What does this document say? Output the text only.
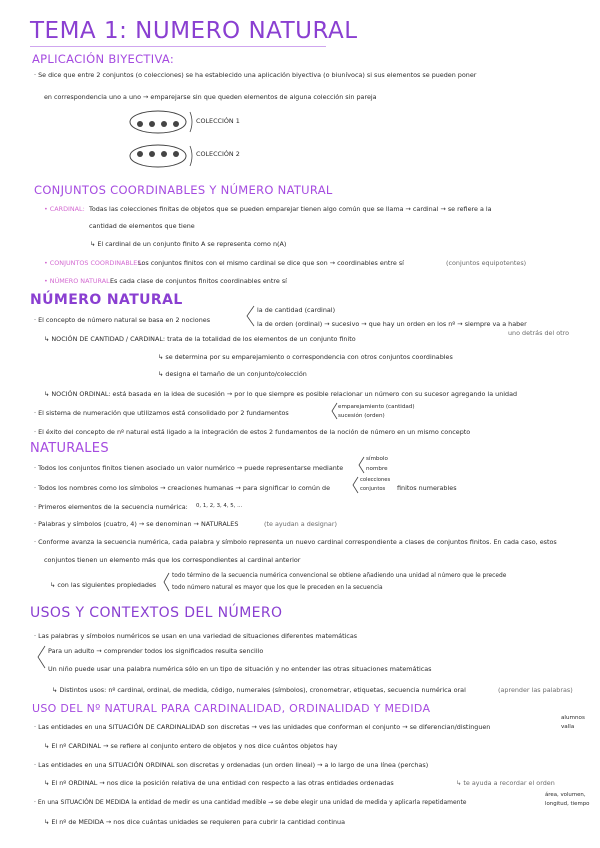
TEMA 1: NUMERO NATURAL
APLICACIÓN BIYECTIVA:
· Se dice que entre 2 conjuntos (o colecciones) se ha establecido una aplicación biyectiva (o biunívoca) si sus elementos se pueden poner
en correspondencia uno a uno → emparejarse sin que queden elementos de alguna colección sin pareja
COLECCIÓN 1
COLECCIÓN 2
CONJUNTOS COORDINABLES Y NÚMERO NATURAL
• CARDINAL: Todas las colecciones finitas de objetos que se pueden emparejar tienen algo común que se llama → cardinal → se refiere a la
cantidad de elementos que tiene
↳ El cardinal de un conjunto finito A se representa como n(A)
• CONJUNTOS COORDINABLES:
Los conjuntos finitos con el mismo cardinal se dice que son → coordinables entre sí	(conjuntos equipotentes)
• NÚMERO NATURAL:
Es cada clase de conjuntos finitos coordinables entre sí
NÚMERO NATURAL
· El concepto de número natural se basa en 2 nociones
la de cantidad (cardinal)
la de orden (ordinal) → sucesivo → que hay un orden en los nº → siempre va a haber
uno detrás del otro
↳ NOCIÓN DE CANTIDAD / CARDINAL: trata de la totalidad de los elementos de un conjunto finito
↳ se determina por su emparejamiento o correspondencia con otros conjuntos coordinables
↳ designa el tamaño de un conjunto/colección
↳ NOCIÓN ORDINAL: está basada en la idea de sucesión → por lo que siempre es posible relacionar un número con su sucesor agregando la unidad
· El sistema de numeración que utilizamos está consolidado por 2 fundamentos
emparejamiento (cantidad)
sucesión (orden)
· El éxito del concepto de nº natural está ligado a la integración de estos 2 fundamentos de la noción de número en un mismo concepto
NATURALES
· Todos los conjuntos finitos tienen asociado un valor numérico → puede representarse mediante
símbolo
nombre
· Todos los nombres como los símbolos → creaciones humanas → para significar lo común de
colecciones
conjuntos finitos numerables
· Primeros elementos de la secuencia numérica: 0, 1, 2, 3, 4, 5, ...
· Palabras y símbolos (cuatro, 4) → se denominan → NATURALES	(te ayudan a designar)
· Conforme avanza la secuencia numérica, cada palabra y símbolo representa un nuevo cardinal correspondiente a clases de conjuntos finitos. En cada caso, estos
conjuntos tienen un elemento más que los correspondientes al cardinal anterior
↳ con las siguientes propiedades
todo término de la secuencia numérica convencional se obtiene añadiendo una unidad al número que le precede
todo número natural es mayor que los que le preceden en la secuencia
USOS Y CONTEXTOS DEL NÚMERO
· Las palabras y símbolos numéricos se usan en una variedad de situaciones diferentes matemáticas
Para un adulto → comprender todos los significados resulta sencillo
Un niño puede usar una palabra numérica sólo en un tipo de situación y no entender las otras situaciones matemáticas
↳ Distintos usos: nº cardinal, ordinal, de medida, código, numerales (símbolos), cronometrar, etiquetas, secuencia numérica oral	(aprender las palabras)
USO DEL Nº NATURAL PARA CARDINALIDAD, ORDINALIDAD Y MEDIDA
· Las entidades en una SITUACIÓN DE CARDINALIDAD son discretas → ves las unidades que conforman el conjunto → se diferencian/distinguen
alumnos
valla
↳ El nº CARDINAL → se refiere al conjunto entero de objetos y nos dice cuántos objetos hay
· Las entidades en una SITUACIÓN ORDINAL son discretas y ordenadas (un orden lineal) → a lo largo de una línea (perchas)
↳ El nº ORDINAL → nos dice la posición relativa de una entidad con respecto a las otras entidades ordenadas	↳ te ayuda a recordar el orden
· En una SITUACIÓN DE MEDIDA la entidad de medir es una cantidad medible → se debe elegir una unidad de medida y aplicarla repetidamente
área, volumen,
longitud, tiempo
↳ El nº de MEDIDA → nos dice cuántas unidades se requieren para cubrir la cantidad continua
